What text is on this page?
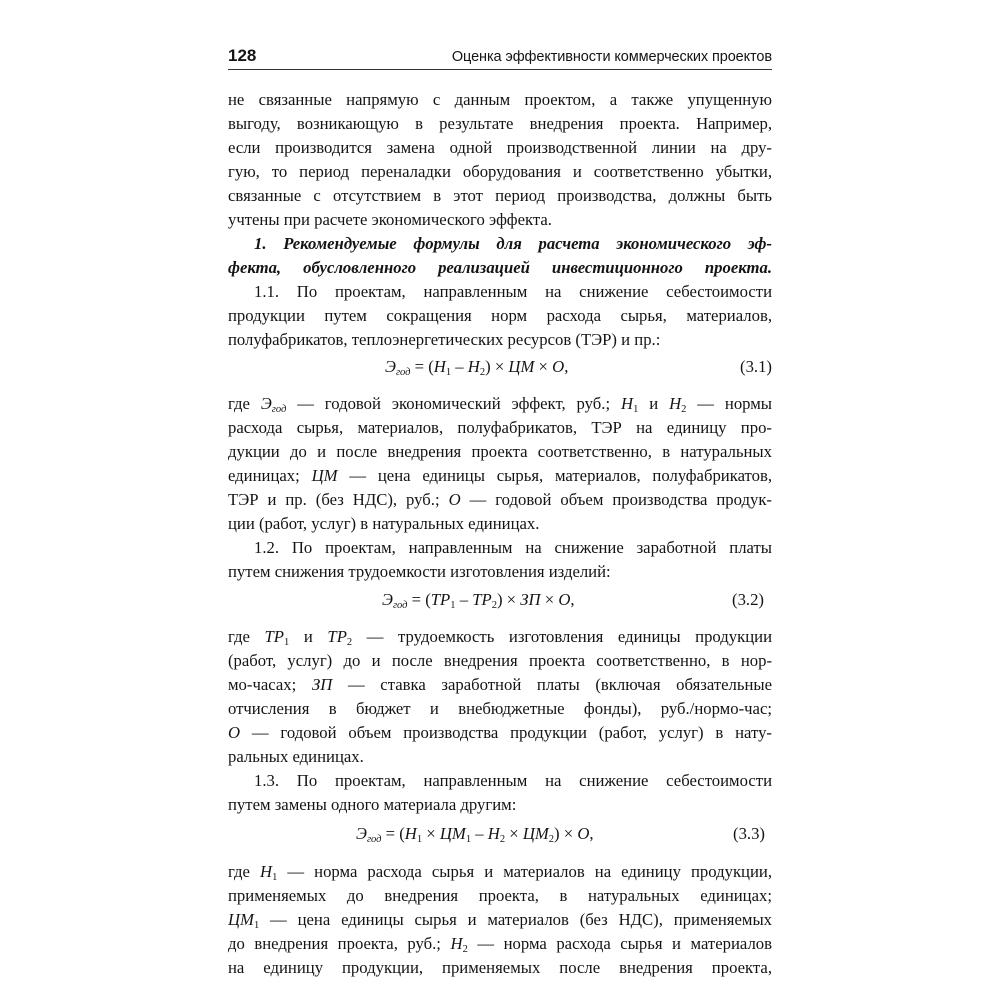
128	Оценка эффективности коммерческих проектов
не связанные напрямую с данным проектом, а также упущенную
выгоду, возникающую в результате внедрения проекта. Например,
если производится замена одной производственной линии на дру-
гую, то период переналадки оборудования и соответственно убытки,
связанные с отсутствием в этот период производства, должны быть
учтены при расчете экономического эффекта.
1. Рекомендуемые формулы для расчета экономического эф-
фекта, обусловленного реализацией инвестиционного проекта.
1.1. По проектам, направленным на снижение себестоимости
продукции путем сокращения норм расхода сырья, материалов,
полуфабрикатов, теплоэнергетических ресурсов (ТЭР) и пр.:
$Э_{год} = (Н_1 - Н_2)$ × ЦМ × О,	(3.1)
где $Э_{год}$ — годовой экономический эффект, руб.; $Н_1$ и $Н_2$ — нормы
расхода сырья, материалов, полуфабрикатов, ТЭР на единицу про-
дукции до и после внедрения проекта соответственно, в натуральных
единицах; ЦМ — цена единицы сырья, материалов, полуфабрикатов,
ТЭР и пр. (без НДС), руб.; О — годовой объем производства продук-
ции (работ, услуг) в натуральных единицах.
1.2. По проектам, направленным на снижение заработной платы
путем снижения трудоемкости изготовления изделий:
$Э_{год} = (ТР_1 - ТР_2)$ × ЗП × О,	(3.2)
где $ТР_1$ и $ТР_2$ — трудоемкость изготовления единицы продукции
(работ, услуг) до и после внедрения проекта соответственно, в нор-
мо-часах; ЗП — ставка заработной платы (включая обязательные
отчисления в бюджет и внебюджетные фонды), руб./нормо-час;
О — годовой объем производства продукции (работ, услуг) в нату-
ральных единицах.
1.3. По проектам, направленным на снижение себестоимости
путем замены одного материала другим:
$Э_{год} = (Н_1 \times ЦМ_1 - Н_2 \times ЦМ_2) \times О$,	(3.3)
где $Н_1$ — норма расхода сырья и материалов на единицу продукции,
применяемых до внедрения проекта, в натуральных единицах;
$ЦМ_1$ — цена единицы сырья и материалов (без НДС), применяемых
до внедрения проекта, руб.; $Н_2$ — норма расхода сырья и материалов
на единицу продукции, применяемых после внедрения проекта,
